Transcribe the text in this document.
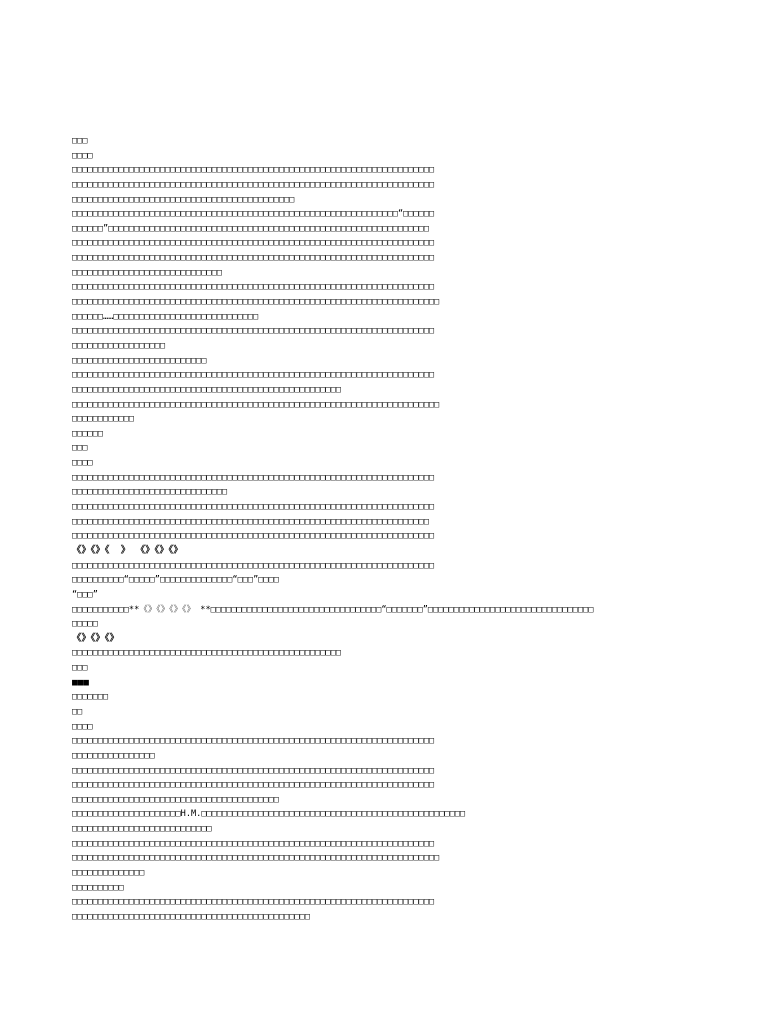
□□□
□□□□
□□□□□□□□□□□□□□□□□□□□□□□□□□□□□□□□□□□□□□□□□□□□□□□□□□□□□□□□□□□□□□□□□□□□□□
□□□□□□□□□□□□□□□□□□□□□□□□□□□□□□□□□□□□□□□□□□□□□□□□□□□□□□□□□□□□□□□□□□□□□□
□□□□□□□□□□□□□□□□□□□□□□□□□□□□□□□□□□□□□□□□□□□
□□□□□□□□□□□□□□□□□□□□□□□□□□□□□□□□□□□□□□□□□□□□□□□□□□□□□□□□□□□□□□□“□□□□□□
□□□□□□”□□□□□□□□□□□□□□□□□□□□□□□□□□□□□□□□□□□□□□□□□□□□□□□□□□□□□□□□□□□□□□
□□□□□□□□□□□□□□□□□□□□□□□□□□□□□□□□□□□□□□□□□□□□□□□□□□□□□□□□□□□□□□□□□□□□□□
□□□□□□□□□□□□□□□□□□□□□□□□□□□□□□□□□□□□□□□□□□□□□□□□□□□□□□□□□□□□□□□□□□□□□□
□□□□□□□□□□□□□□□□□□□□□□□□□□□□□
□□□□□□□□□□□□□□□□□□□□□□□□□□□□□□□□□□□□□□□□□□□□□□□□□□□□□□□□□□□□□□□□□□□□□□
□□□□□□□□□□□□□□□□□□□□□□□□□□□□□□□□□□□□□□□□□□□□□□□□□□□□□□□□□□□□□□□□□□□□□□□
□□□□□□……□□□□□□□□□□□□□□□□□□□□□□□□□□□□
□□□□□□□□□□□□□□□□□□□□□□□□□□□□□□□□□□□□□□□□□□□□□□□□□□□□□□□□□□□□□□□□□□□□□□
□□□□□□□□□□□□□□□□□□
□□□□□□□□□□□□□□□□□□□□□□□□□□
□□□□□□□□□□□□□□□□□□□□□□□□□□□□□□□□□□□□□□□□□□□□□□□□□□□□□□□□□□□□□□□□□□□□□□
□□□□□□□□□□□□□□□□□□□□□□□□□□□□□□□□□□□□□□□□□□□□□□□□□□□□
□□□□□□□□□□□□□□□□□□□□□□□□□□□□□□□□□□□□□□□□□□□□□□□□□□□□□□□□□□□□□□□□□□□□□□□
□□□□□□□□□□□□
□□□□□□
□□□
□□□□
□□□□□□□□□□□□□□□□□□□□□□□□□□□□□□□□□□□□□□□□□□□□□□□□□□□□□□□□□□□□□□□□□□□□□□
□□□□□□□□□□□□□□□□□□□□□□□□□□□□□□
□□□□□□□□□□□□□□□□□□□□□□□□□□□□□□□□□□□□□□□□□□□□□□□□□□□□□□□□□□□□□□□□□□□□□□
□□□□□□□□□□□□□□□□□□□□□□□□□□□□□□□□□□□□□□□□□□□□□□□□□□□□□□□□□□□□□□□□□□□□□
□□□□□□□□□□□□□□□□□□□□□□□□□□□□□□□□□□□□□□□□□□□□□□□□□□□□□□□□□□□□□□□□□□□□□□
《》《》《  》 《》《》《》
□□□□□□□□□□□□□□□□□□□□□□□□□□□□□□□□□□□□□□□□□□□□□□□□□□□□□□□□□□□□□□□□□□□□□□
□□□□□□□□□□“□□□□□”□□□□□□□□□□□□□□“□□□”□□□□
“□□□”
□□□□□□□□□□□**《》《》《》《》 **□□□□□□□□□□□□□□□□□□□□□□□□□□□□□□□□□“□□□□□□□”□□□□□□□□□□□□□□□□□□□□□□□□□□□□□□□□
□□□□□
《》《》《》
□□□□□□□□□□□□□□□□□□□□□□□□□□□□□□□□□□□□□□□□□□□□□□□□□□□□
□□□
■■■
□□□□□□□
□□
□□□□
□□□□□□□□□□□□□□□□□□□□□□□□□□□□□□□□□□□□□□□□□□□□□□□□□□□□□□□□□□□□□□□□□□□□□□
□□□□□□□□□□□□□□□□
□□□□□□□□□□□□□□□□□□□□□□□□□□□□□□□□□□□□□□□□□□□□□□□□□□□□□□□□□□□□□□□□□□□□□□
□□□□□□□□□□□□□□□□□□□□□□□□□□□□□□□□□□□□□□□□□□□□□□□□□□□□□□□□□□□□□□□□□□□□□□
□□□□□□□□□□□□□□□□□□□□□□□□□□□□□□□□□□□□□□□□
□□□□□□□□□□□□□□□□□□□□□H.M.□□□□□□□□□□□□□□□□□□□□□□□□□□□□□□□□□□□□□□□□□□□□□□□□□□□
□□□□□□□□□□□□□□□□□□□□□□□□□□□
□□□□□□□□□□□□□□□□□□□□□□□□□□□□□□□□□□□□□□□□□□□□□□□□□□□□□□□□□□□□□□□□□□□□□□
□□□□□□□□□□□□□□□□□□□□□□□□□□□□□□□□□□□□□□□□□□□□□□□□□□□□□□□□□□□□□□□□□□□□□□□
□□□□□□□□□□□□□□
□□□□□□□□□□
□□□□□□□□□□□□□□□□□□□□□□□□□□□□□□□□□□□□□□□□□□□□□□□□□□□□□□□□□□□□□□□□□□□□□□
□□□□□□□□□□□□□□□□□□□□□□□□□□□□□□□□□□□□□□□□□□□□□□
